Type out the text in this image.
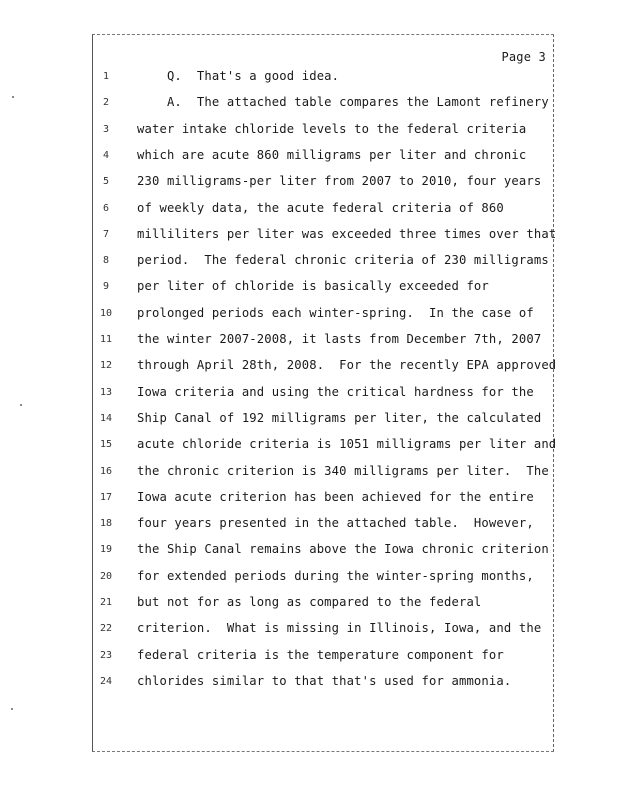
Page 3
1	Q.  That's a good idea.
2	A.  The attached table compares the Lamont refinery
3	water intake chloride levels to the federal criteria
4	which are acute 860 milligrams per liter and chronic
5	230 milligrams-per liter from 2007 to 2010, four years
6	of weekly data, the acute federal criteria of 860
7	milliliters per liter was exceeded three times over that
8	period.  The federal chronic criteria of 230 milligrams
9	per liter of chloride is basically exceeded for
10	prolonged periods each winter-spring.  In the case of
11	the winter 2007-2008, it lasts from December 7th, 2007
12	through April 28th, 2008.  For the recently EPA approved
13	Iowa criteria and using the critical hardness for the
14	Ship Canal of 192 milligrams per liter, the calculated
15	acute chloride criteria is 1051 milligrams per liter and
16	the chronic criterion is 340 milligrams per liter.  The
17	Iowa acute criterion has been achieved for the entire
18	four years presented in the attached table.  However,
19	the Ship Canal remains above the Iowa chronic criterion
20	for extended periods during the winter-spring months,
21	but not for as long as compared to the federal
22	criterion.  What is missing in Illinois, Iowa, and the
23	federal criteria is the temperature component for
24	chlorides similar to that that's used for ammonia.
